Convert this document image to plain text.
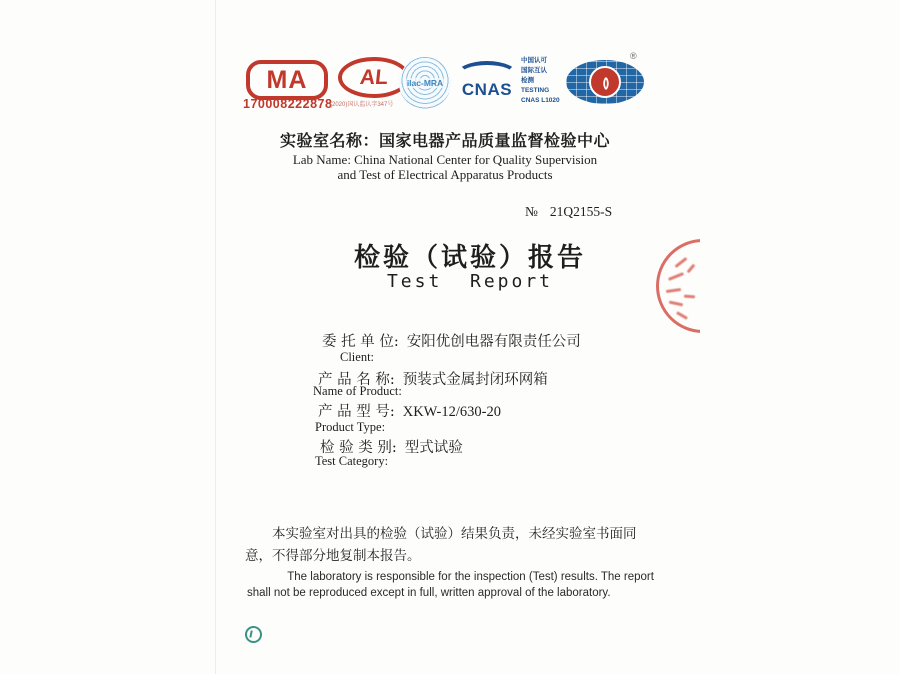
MA
170008222878
AL
(2020)国认监认字347号
ilac-MRA	CNAS
中国认可
国际互认
检测
TESTING
CNAS L1020
()
®
实验室名称：国家电器产品质量监督检验中心
Lab Name: China National Center for Quality Supervision
and Test of Electrical Apparatus Products
№ 21Q2155-S
检验（试验）报告
Test  Report
委 托 单 位: 安阳优创电器有限责任公司
Client:
产 品 名 称: 预装式金属封闭环网箱
Name of Product:
产 品 型 号: XKW-12/630-20
Product Type:
检 验 类 别: 型式试验
Test Category:
本实验室对出具的检验（试验）结果负责，未经实验室书面同意，不得部分地复制本报告。
The laboratory is responsible for the inspection (Test) results. The report shall not be reproduced except in full, written approval of the laboratory.
